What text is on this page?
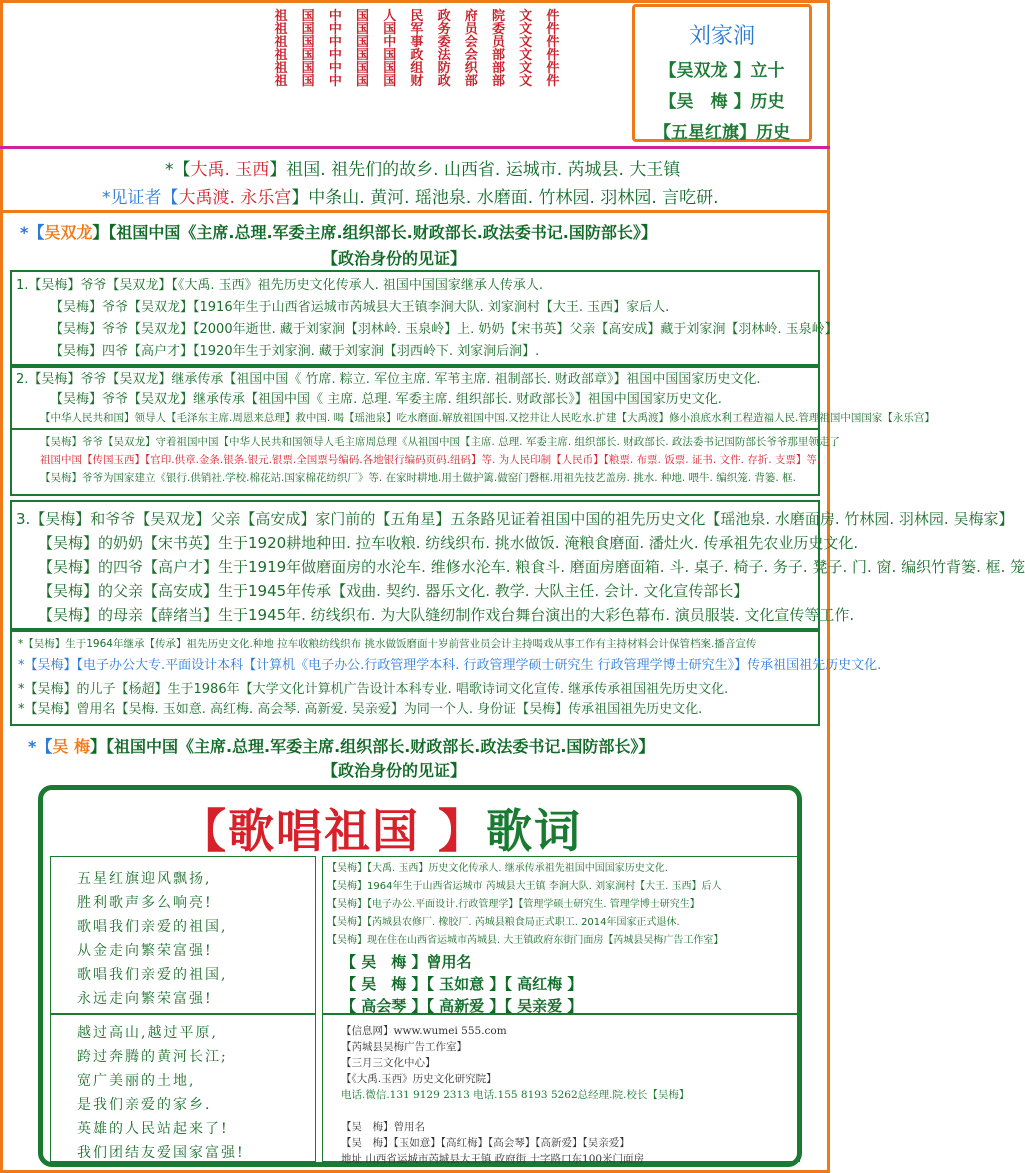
祖祖祖祖祖祖
国国国国国国
中中中中中中
国国国国国国
人国中国国国
民军事政组财
政务委法防政
府员会会织部
院委员部部部
文文文文文文
件件件件件件
刘家涧
【吴双龙 】立十
【吴　梅 】历史
【五星红旗】历史
*【大禹. 玉西】祖国. 祖先们的故乡. 山西省. 运城市. 芮城县. 大王镇
*见证者【大禹渡. 永乐宫】中条山. 黄河. 瑶池泉. 水磨面. 竹林园. 羽林园. 言吃研.
*【吴双龙】【祖国中国《主席.总理.军委主席.组织部长.财政部长.政法委书记.国防部长》】
【政治身份的见证】
1.【吴梅】爷爷【吴双龙】【《大禹. 玉西》祖先历史文化传承人. 祖国中国国家继承人传承人.
【吴梅】爷爷【吴双龙】【1916年生于山西省运城市芮城县大王镇李涧大队. 刘家涧村【大王. 玉西】家后人.
【吴梅】爷爷【吴双龙】【2000年逝世. 藏于刘家涧【羽林岭. 玉泉岭】上. 奶奶【宋书英】父亲【高安成】藏于刘家涧【羽林岭. 玉泉岭】
【吴梅】四爷【高户才】【1920年生于刘家涧. 藏于刘家涧【羽西岭下. 刘家涧后涧】.
2.【吴梅】爷爷【吴双龙】继承传承【祖国中国《 竹席. 粽立. 军位主席. 军苇主席. 祖制部长. 财政部章》】祖国中国国家历史文化.
【吴梅】爷爷【吴双龙】继承传承【祖国中国《 主席. 总理. 军委主席. 组织部长. 财政部长》】祖国中国国家历史文化.
【中华人民共和国】领导人【毛泽东主席.周恩来总理】救中国. 喝【瑶池泉】吃水磨面.解放祖国中国.又挖井让人民吃水.扩建【大禹渡】修小浪底水利工程造福人民.管理祖国中国国家【永乐宫】
【吴梅】爷爷【吴双龙】守着祖国中国【中华人民共和国领导人毛主席周总理《从祖国中国【主席. 总理. 军委主席. 组织部长. 财政部长. 政法委书记国防部长爷爷那里领走了
祖国中国【传国玉西】【官印.供章.金条.银条.银元.银票.全国票号编码.各地银行编码页码.纽码】等. 为人民印制【人民币】【粮票. 布票. 饭票. 证书. 文件. 存折. 支票】等.
【吴梅】爷爷为国家建立《银行.供销社.学校.棉花站.国家棉花纺织厂》等. 在家时耕地.用土做护篱.做窑门磬框.用祖先技艺盖房. 挑水. 种地. 喂牛. 编织笼. 背篓. 框.
3.【吴梅】和爷爷【吴双龙】父亲【高安成】家门前的【五角星】五条路见证着祖国中国的祖先历史文化【瑶池泉. 水磨面房. 竹林园. 羽林园. 吴梅家】
【吴梅】的奶奶【宋书英】生于1920耕地种田. 拉车收粮. 纺线织布. 挑水做饭. 淹粮食磨面. 潘灶火. 传承祖先农业历史文化.
【吴梅】的四爷【高户才】生于1919年做磨面房的水沦车. 维修水沦车. 粮食斗. 磨面房磨面箱. 斗. 桌子. 椅子. 务子. 凳子. 门. 窗. 编织竹背篓. 框. 笼
【吴梅】的父亲【高安成】生于1945年传承【戏曲. 契约. 器乐文化. 教学. 大队主任. 会计. 文化宣传部长】
【吴梅】的母亲【薛绪当】生于1945年. 纺线织布. 为大队缝纫制作戏台舞台演出的大彩色幕布. 演员服装. 文化宣传等工作.
*【吴梅】生于1964年继承【传承】祖先历史文化.种地 拉车收粮纺线织布 挑水做饭磨面十岁前营业员会计主持喝戏从事工作有主持材料会计保管档案.播音宣传
*【吴梅】【电子办公大专.平面设计本科【计算机《电子办公.行政管理学本科. 行政管理学硕士研究生 行政管理学博士研究生》】传承祖国祖先历史文化.
*【吴梅】的儿子【杨超】生于1986年【大学文化计算机广告设计本科专业. 唱歌诗词文化宣传. 继承传承祖国祖先历史文化.
*【吴梅】曾用名【吴梅. 玉如意. 高红梅. 高会琴. 高新爱. 吴亲爱】为同一个人. 身份证【吴梅】传承祖国祖先历史文化.
*【吴 梅】【祖国中国《主席.总理.军委主席.组织部长.财政部长.政法委书记.国防部长》】
【政治身份的见证】
【歌唱祖国 】歌词
五星红旗迎风飘扬,
胜利歌声多么响亮!
歌唱我们亲爱的祖国,
从金走向繁荣富强!
歌唱我们亲爱的祖国,
永远走向繁荣富强!
越过高山,越过平原,
跨过奔腾的黄河长江;
宽广美丽的土地,
是我们亲爱的家乡.
英雄的人民站起来了!
我们团结友爱国家富强!
【吴梅】【大禹. 玉西】历史文化传承人. 继承传承祖先祖国中国国家历史文化.
【吴梅】1964年生于山西省运城市 芮城县大王镇 李涧大队. 刘家涧村【大王. 玉西】后人
【吴梅】【电子办公.平面设计.行政管理学】【管理学硕士研究生. 管理学博士研究生】
【吴梅】【芮城县农修厂. 橡胶厂. 芮城县粮食局正式职工. 2014年国家正式退休.
【吴梅】现在住在山西省运城市芮城县. 大王镇政府东街门面房【芮城县吴梅广告工作室】
【 吴　梅 】曾用名
【 吴　梅 】【 玉如意 】【 高红梅 】
【 高会琴 】【 高新爱 】【 吴亲爱 】
【信息网】www.wumei 555.com
【芮城县吴梅广告工作室】
【三月三文化中心】
【《大禹.玉西》历史文化研究院】
电话.微信.131 9129 2313 电话.155 8193 5262总经理.院.校长【吴梅】

【吴　梅】曾用名
【吴　梅】【玉如意】【高红梅】【高会琴】【高新爱】【吴亲爱】
地址 山西省运城市芮城县大王镇 政府街 十字路口东100米门面房
